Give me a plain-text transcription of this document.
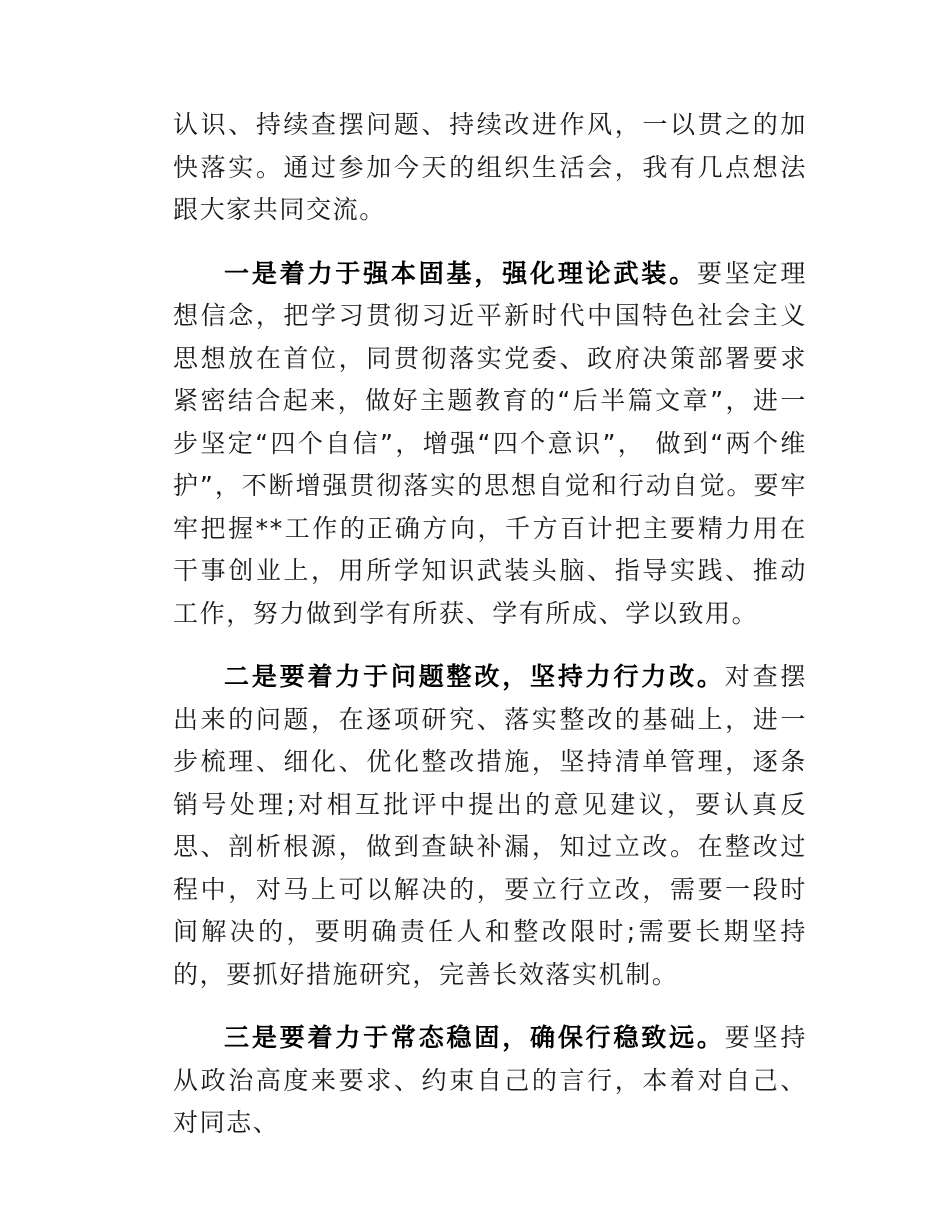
认识、持续查摆问题、持续改进作风，一以贯之的加快落实。通过参加今天的组织生活会，我有几点想法跟大家共同交流。

一是着力于强本固基，强化理论武装。要坚定理想信念，把学习贯彻习近平新时代中国特色社会主义思想放在首位，同贯彻落实党委、政府决策部署要求紧密结合起来，做好主题教育的“后半篇文章”，进一步坚定“四个自信”，增强“四个意识”， 做到“两个维护”，不断增强贯彻落实的思想自觉和行动自觉。要牢牢把握**工作的正确方向，千方百计把主要精力用在干事创业上，用所学知识武装头脑、指导实践、推动工作，努力做到学有所获、学有所成、学以致用。

二是要着力于问题整改，坚持力行力改。对查摆出来的问题，在逐项研究、落实整改的基础上，进一步梳理、细化、优化整改措施，坚持清单管理，逐条销号处理;对相互批评中提出的意见建议，要认真反思、剖析根源，做到查缺补漏，知过立改。在整改过程中，对马上可以解决的，要立行立改，需要一段时间解决的，要明确责任人和整改限时;需要长期坚持的，要抓好措施研究，完善长效落实机制。

三是要着力于常态稳固，确保行稳致远。要坚持从政治高度来要求、约束自己的言行，本着对自己、对同志、
